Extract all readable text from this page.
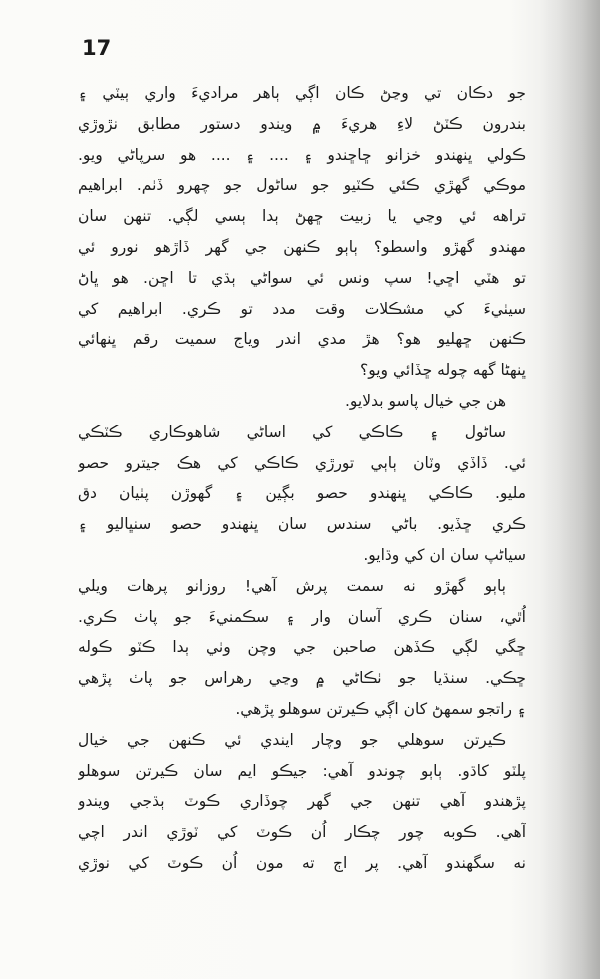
17
جو دڪان تي وڃڻ ڪان اڳي ٻاهر مراديءَ واري ٻيٽي ۽
بندرون ڪٽڻ لاءِ هريءَ ۾ ويندو دستور مطابق نڙوڙي
ڪولي ڀنهندو خزانو ڇاڇندو ۽ .... ۽ .... هو سرپاڻي ويو.
موڪي گهڙي ڪئي ڪٽيو جو ساڻول جو چهرو ڏٺم. ابراهيم
تراهه ئي وڃي يا زبيت ڇهڻ ٻدا ٻسي لڳي. تنهن سان
مهندو گهڙو واسطو؟ ٻاٻو ڪنهن جي گهر ڏاڙهو نورو ئي
تو هٽي اڇي! سپ ونس ئي سواڻي ٻڌي تا اڇن. هو ڀاڻ
سيٺيءَ کي مشڪلات وقت مدد تو ڪري. ابراهيم کي
ڪنهن ڇهليو هو؟ هڙ مدي اندر وياج سميت رقم ڀنهائي
ڀنهڻا گهه چوله ڇڏائي ويو؟
هن جي خيال پاسو بدلايو.
ساڻول ۽ ڪاڪي کي اساڻي شاهوڪاري ڪٽڪي
ئي. ڏاڏي وٽان ٻاٻي تورڙي ڪاڪي کي هڪ جيترو حصو
مليو. ڪاڪي ڀنهندو حصو بڳين ۽ گهوڙن پٺيان دق
ڪري ڇڏيو. باڻي سندس سان ڀنهندو حصو سنڀاليو ۽
سياڻپ سان ان کي وڌايو.
ٻاٻو گهڙو نه سمت پرش آهي! روزانو پرهات ويلي
اُٿي، سنان ڪري آسان وار ۽ سڪمنيءَ جو پاٺ ڪري.
ڇگي لڳي ڪڏهن صاحبن جي وچن وٺي ٻدا ڪٽو ڪوله
ڇڪي. سنڌيا جو ٺڪاڻي ۾ وڃي رهراس جو پاٺ پڙهي
۽ راتجو سمهڻ کان اڳي ڪيرتن سوهلو پڙهي.
ڪيرتن سوهلي جو وچار ايندي ئي ڪنهن جي خيال
پلٽو کاڌو. ٻاٻو چوندو آهي: جيڪو ايم سان ڪيرتن سوهلو
پڙهندو آهي تنهن جي گهر چوڏاري ڪوٽ ٻڌجي ويندو
آهي. ڪوبه چور چڪار اُن ڪوٽ کي ٽوڙي اندر اچي
نه سگهندو آهي. پر اڄ ته مون اُن ڪوٽ کي نوڙي
